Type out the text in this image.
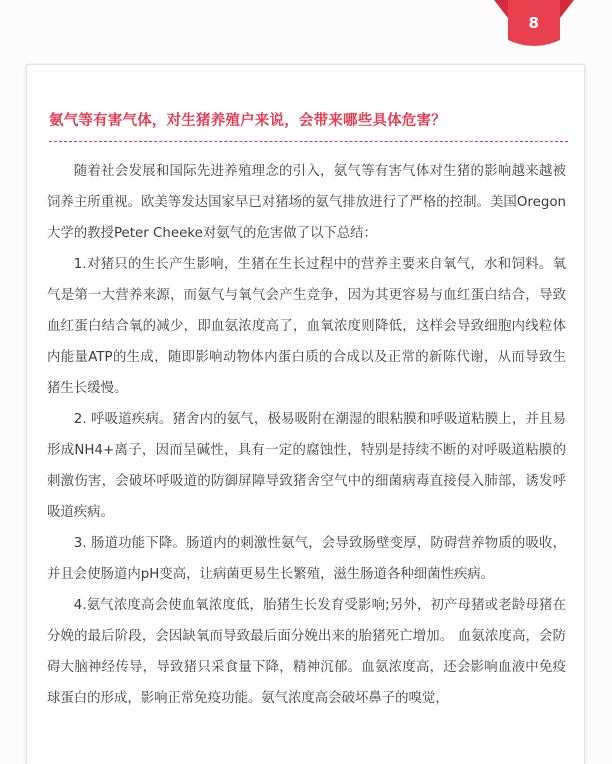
8
氨气等有害气体，对生猪养殖户来说，会带来哪些具体危害？

随着社会发展和国际先进养殖理念的引入，氨气等有害气体对生猪的影响越来越被饲养主所重视。欧美等发达国家早已对猪场的氨气排放进行了严格的控制。美国Oregon大学的教授Peter Cheeke对氨气的危害做了以下总结：

1.对猪只的生长产生影响，生猪在生长过程中的营养主要来自氧气，水和饲料。氧气是第一大营养来源，而氨气与氧气会产生竞争，因为其更容易与血红蛋白结合，导致血红蛋白结合氧的减少，即血氨浓度高了，血氧浓度则降低，这样会导致细胞内线粒体内能量ATP的生成，随即影响动物体内蛋白质的合成以及正常的新陈代谢，从而导致生猪生长缓慢。

2. 呼吸道疾病。猪舍内的氨气，极易吸附在潮湿的眼粘膜和呼吸道粘膜上，并且易形成NH4+离子，因而呈碱性，具有一定的腐蚀性，特别是持续不断的对呼吸道粘膜的刺激伤害，会破坏呼吸道的防御屏障导致猪舍空气中的细菌病毒直接侵入肺部，诱发呼吸道疾病。

3. 肠道功能下降。肠道内的刺激性氨气，会导致肠壁变厚，防碍营养物质的吸收，并且会使肠道内pH变高，让病菌更易生长繁殖，滋生肠道各种细菌性疾病。

4.氨气浓度高会使血氧浓度低，胎猪生长发育受影响;另外，初产母猪或老龄母猪在分娩的最后阶段，会因缺氧而导致最后面分娩出来的胎猪死亡增加。 血氨浓度高，会防碍大脑神经传导，导致猪只采食量下降，精神沉郁。血氨浓度高，还会影响血液中免疫球蛋白的形成，影响正常免疫功能。氨气浓度高会破坏鼻子的嗅觉，
